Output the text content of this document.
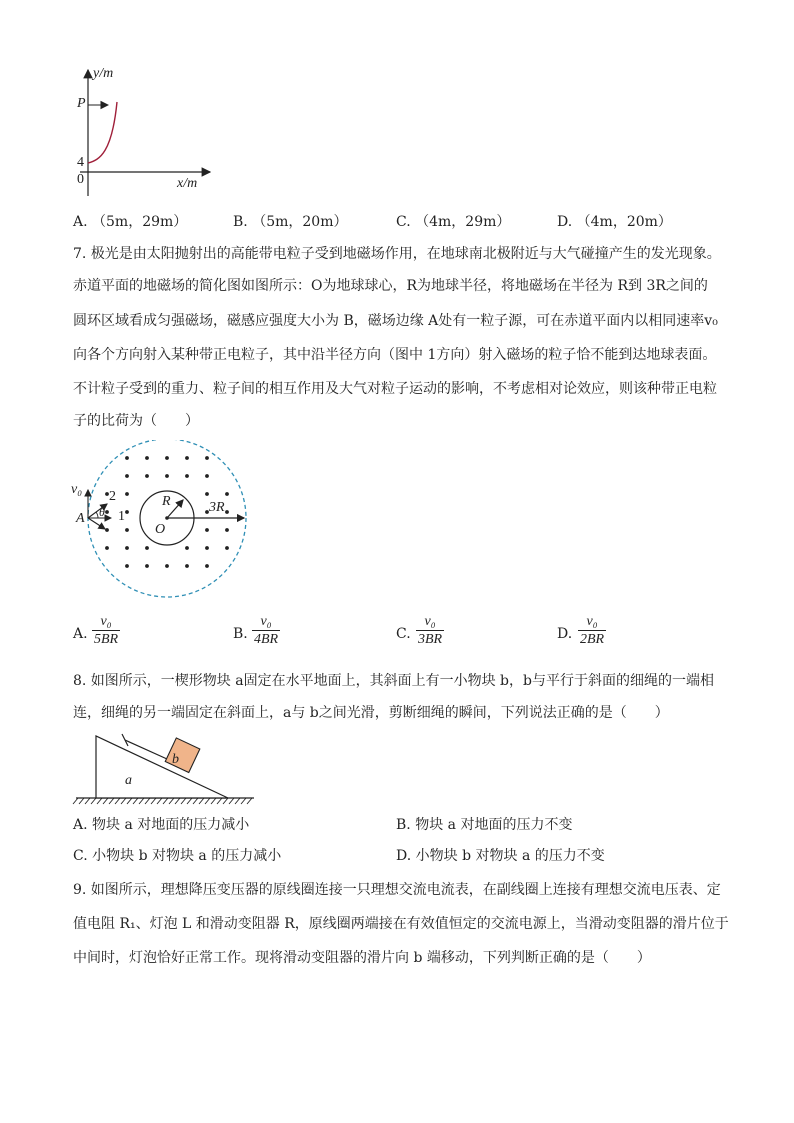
y/m
P
4
0	x/m
A. （5m，29m）	B. （5m，20m）	C. （4m，29m）	D. （4m，20m）
7. 极光是由太阳抛射出的高能带电粒子受到地磁场作用，在地球南北极附近与大气碰撞产生的发光现象。
赤道平面的地磁场的简化图如图所示：O为地球球心，R为地球半径，将地磁场在半径为 R到 3R之间的
圆环区域看成匀强磁场，磁感应强度大小为 B，磁场边缘 A处有一粒子源，可在赤道平面内以相同速率v₀
向各个方向射入某种带正电粒子，其中沿半径方向（图中 1方向）射入磁场的粒子恰不能到达地球表面。
不计粒子受到的重力、粒子间的相互作用及大气对粒子运动的影响，不考虑相对论效应，则该种带正电粒
子的比荷为（　　）
v₀
A
2
θ 1
R	3R
O
A. $\frac{\text{v₀}}{5BR}$	B. $\frac{\text{v₀}}{4BR}$	C. $\frac{\text{v₀}}{3BR}$	D. $\frac{\text{v₀}}{2BR}$
8. 如图所示，一楔形物块 a固定在水平地面上，其斜面上有一小物块 b，b与平行于斜面的细绳的一端相
连，细绳的另一端固定在斜面上，a与 b之间光滑，剪断细绳的瞬间，下列说法正确的是（　　）
b
a
A. 物块 a 对地面的压力减小	B. 物块 a 对地面的压力不变
C. 小物块 b 对物块 a 的压力减小	D. 小物块 b 对物块 a 的压力不变
9. 如图所示，理想降压变压器的原线圈连接一只理想交流电流表，在副线圈上连接有理想交流电压表、定
值电阻 R₁、灯泡 L 和滑动变阻器 R，原线圈两端接在有效值恒定的交流电源上，当滑动变阻器的滑片位于
中间时，灯泡恰好正常工作。现将滑动变阻器的滑片向 b 端移动，下列判断正确的是（　　）
